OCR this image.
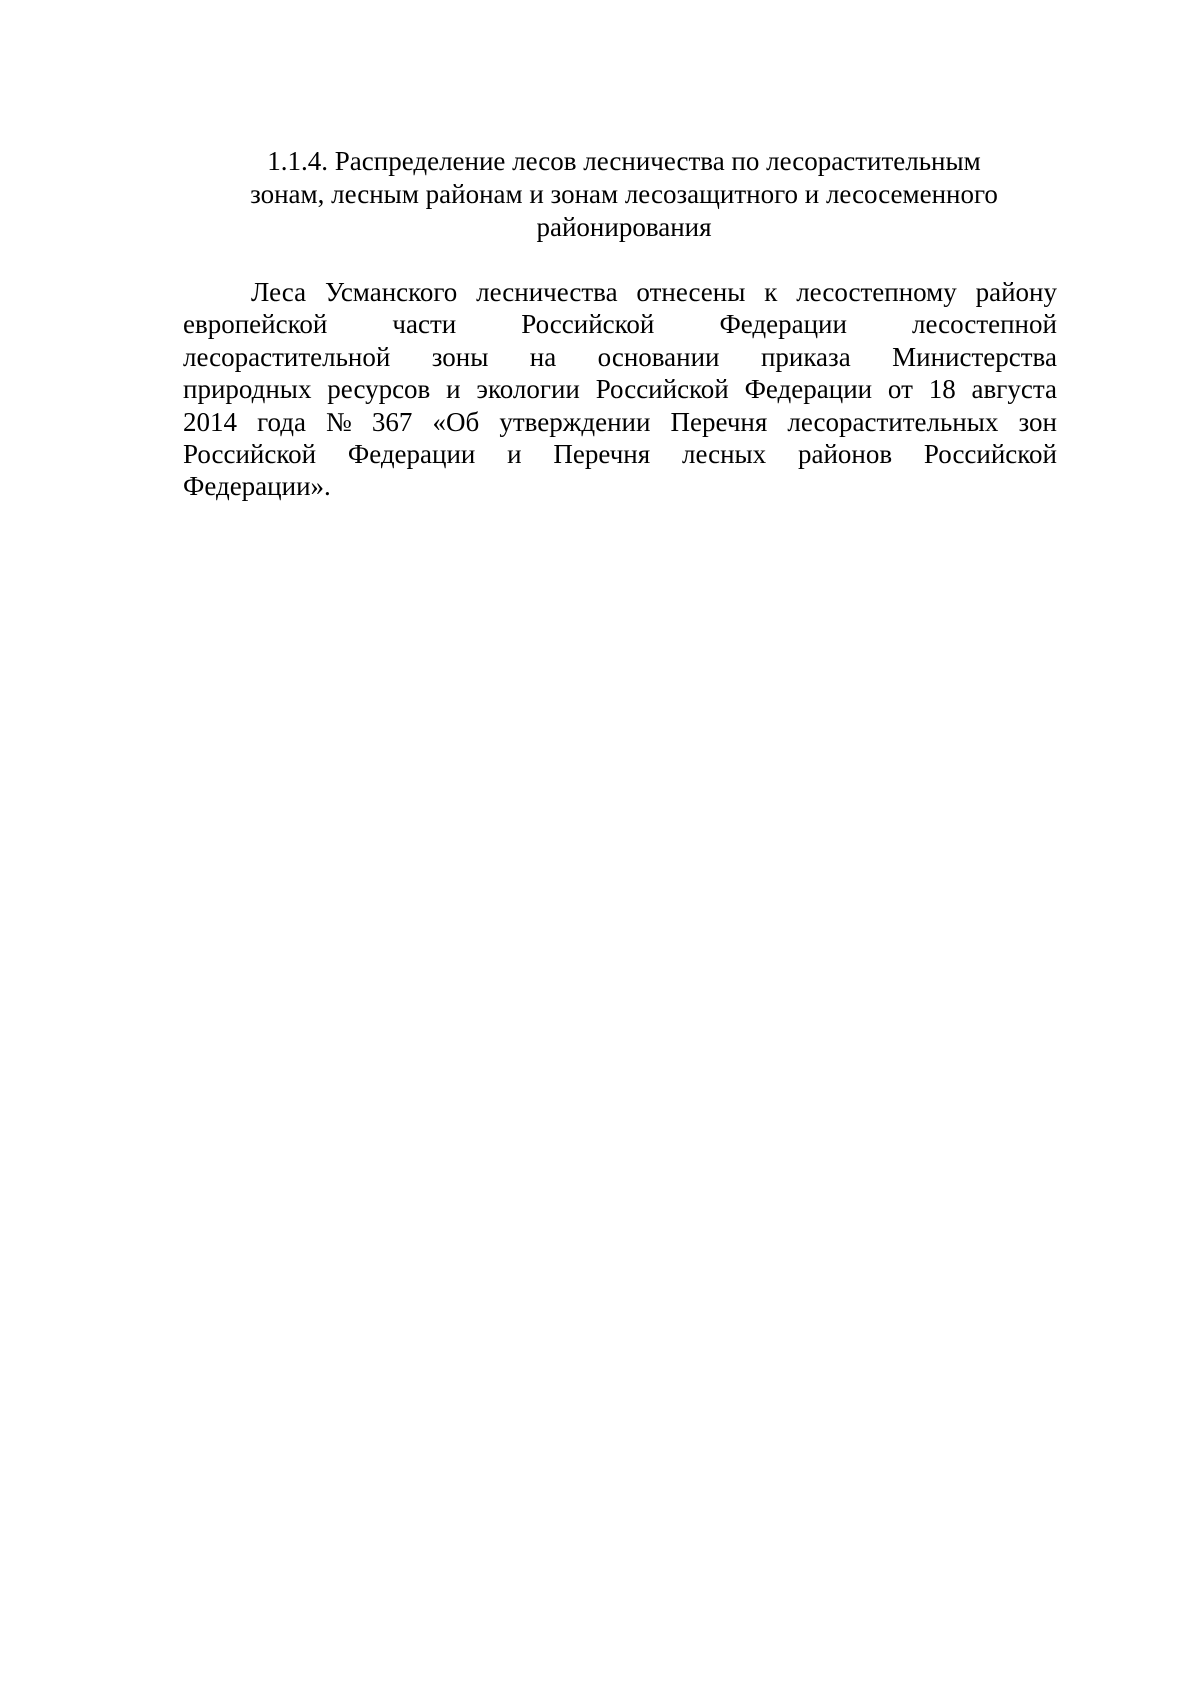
1.1.4. Распределение лесов лесничества по лесорастительным
зонам, лесным районам и зонам лесозащитного и лесосеменного
районирования
Леса Усманского лесничества отнесены к лесостепному району
европейской части Российской Федерации лесостепной
лесорастительной зоны на основании приказа Министерства
природных ресурсов и экологии Российской Федерации от 18 августа
2014 года № 367 «Об утверждении Перечня лесорастительных зон
Российской Федерации и Перечня лесных районов Российской
Федерации».
